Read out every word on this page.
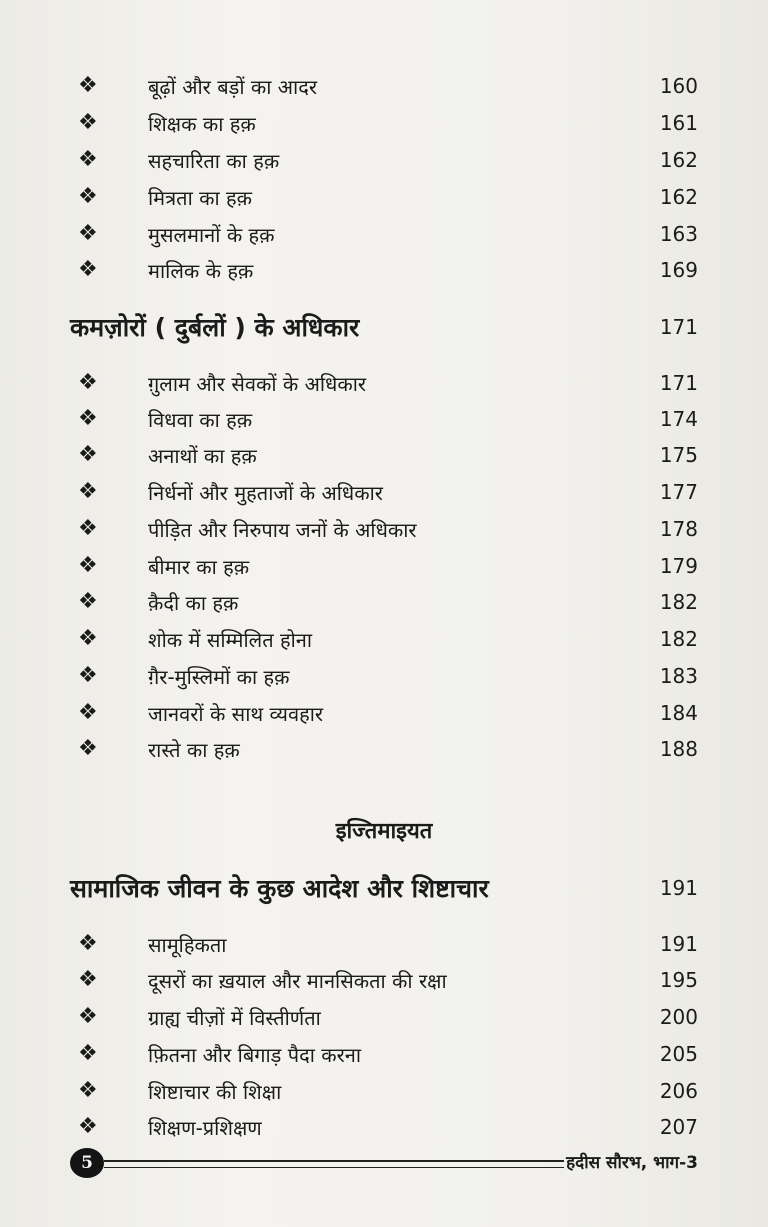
❖	बूढ़ों और बड़ों का आदर	160
❖	शिक्षक का हक़	161
❖	सहचारिता का हक़	162
❖	मित्रता का हक़	162
❖	मुसलमानों के हक़	163
❖	मालिक के हक़	169
कमज़ोरों ( दुर्बलों ) के अधिकार	171
❖	ग़ुलाम और सेवकों के अधिकार	171
❖	विधवा का हक़	174
❖	अनाथों का हक़	175
❖	निर्धनों और मुहताजों के अधिकार	177
❖	पीड़ित और निरुपाय जनों के अधिकार	178
❖	बीमार का हक़	179
❖	क़ैदी का हक़	182
❖	शोक में सम्मिलित होना	182
❖	ग़ैर-मुस्लिमों का हक़	183
❖	जानवरों के साथ व्यवहार	184
❖	रास्ते का हक़	188
इज्तिमाइयत
सामाजिक जीवन के कुछ आदेश और शिष्टाचार	191
❖	सामूहिकता	191
❖	दूसरों का ख़याल और मानसिकता की रक्षा	195
❖	ग्राह्य चीज़ों में विस्तीर्णता	200
❖	फ़ितना और बिगाड़ पैदा करना	205
❖	शिष्टाचार की शिक्षा	206
❖	शिक्षण-प्रशिक्षण	207
5	हदीस सौरभ, भाग-3
